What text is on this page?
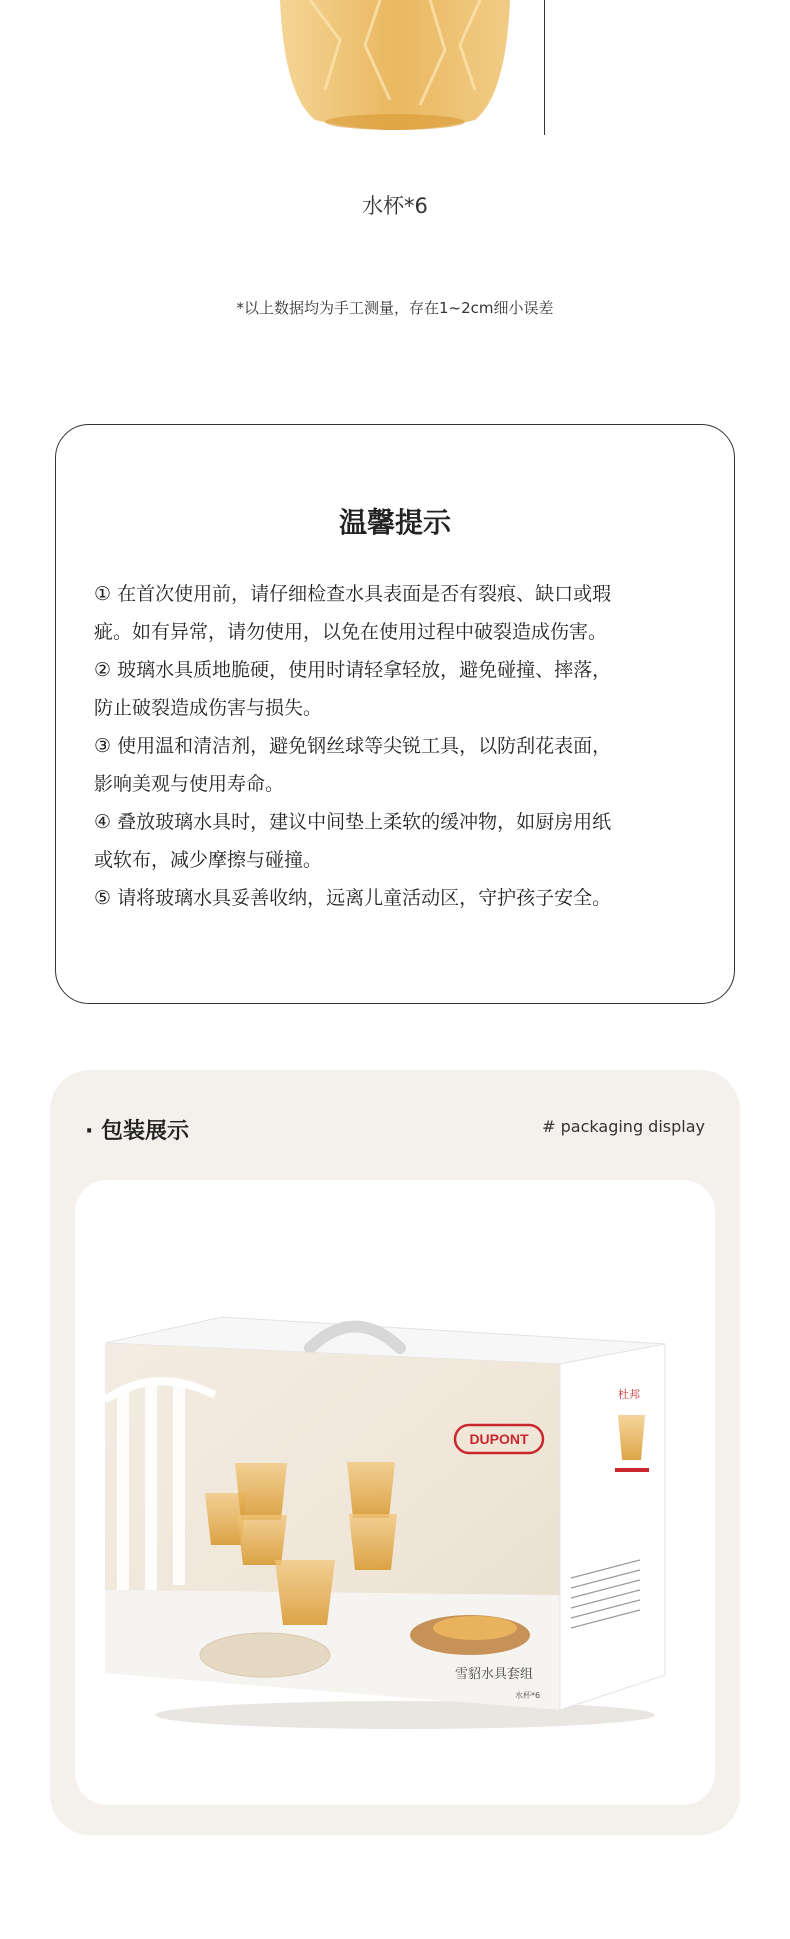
水杯*6
*以上数据均为手工测量，存在1~2cm细小误差
温馨提示
① 在首次使用前，请仔细检查水具表面是否有裂痕、缺口或瑕
疵。如有异常，请勿使用，以免在使用过程中破裂造成伤害。
② 玻璃水具质地脆硬，使用时请轻拿轻放，避免碰撞、摔落，
防止破裂造成伤害与损失。
③ 使用温和清洁剂，避免钢丝球等尖锐工具，以防刮花表面，
影响美观与使用寿命。
④ 叠放玻璃水具时，建议中间垫上柔软的缓冲物，如厨房用纸
或软布，减少摩擦与碰撞。
⑤ 请将玻璃水具妥善收纳，远离儿童活动区，守护孩子安全。
· 包装展示	# packaging display
DUPONT
杜邦
雪貂水具套组
水杯*6
